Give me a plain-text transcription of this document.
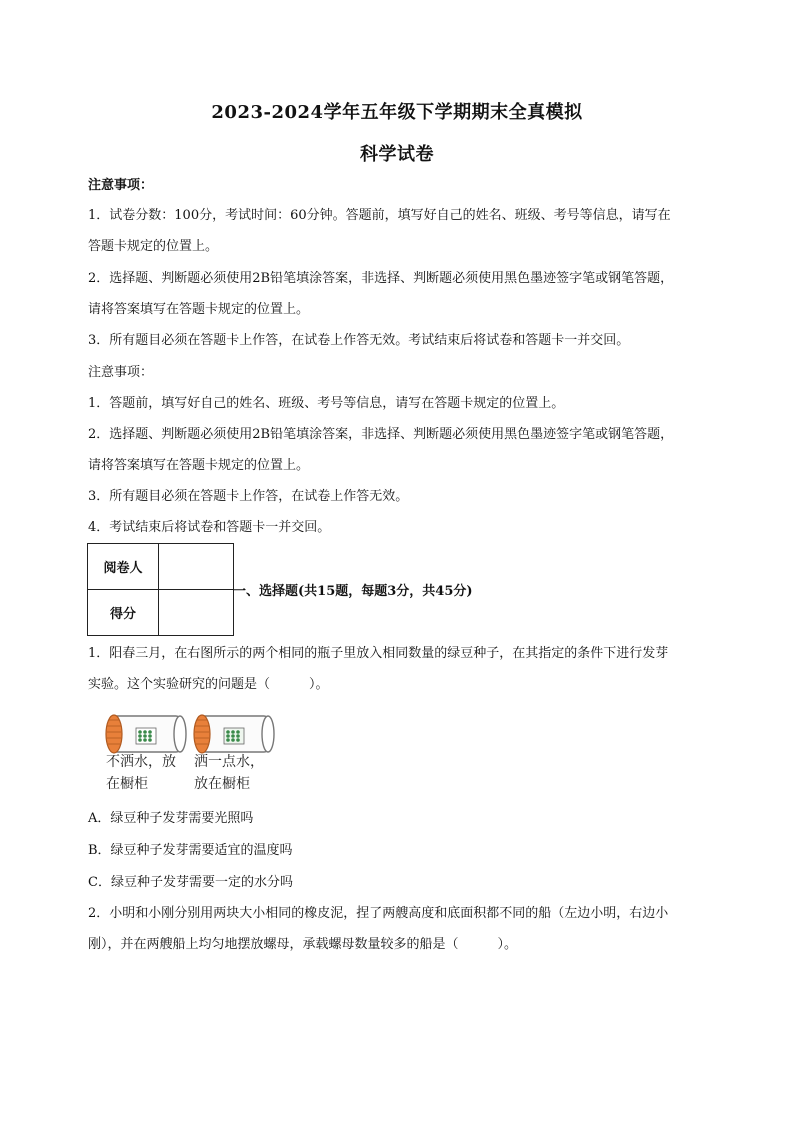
2023-2024学年五年级下学期期末全真模拟
科学试卷
注意事项：
1．试卷分数：100分，考试时间：60分钟。答题前，填写好自己的姓名、班级、考号等信息，请写在
答题卡规定的位置上。
2．选择题、判断题必须使用2B铅笔填涂答案，非选择、判断题必须使用黑色墨迹签字笔或钢笔答题，
请将答案填写在答题卡规定的位置上。
3．所有题目必须在答题卡上作答，在试卷上作答无效。考试结束后将试卷和答题卡一并交回。
注意事项：
1．答题前，填写好自己的姓名、班级、考号等信息，请写在答题卡规定的位置上。
2．选择题、判断题必须使用2B铅笔填涂答案，非选择、判断题必须使用黑色墨迹签字笔或钢笔答题，
请将答案填写在答题卡规定的位置上。
3．所有题目必须在答题卡上作答，在试卷上作答无效。
4．考试结束后将试卷和答题卡一并交回。
阅卷人	
得分	
一、选择题(共15题，每题3分，共45分)
1．阳春三月，在右图所示的两个相同的瓶子里放入相同数量的绿豆种子，在其指定的条件下进行发芽
实验。这个实验研究的问题是（　　　）。
不洒水，放
在橱柜
洒一点水，
放在橱柜
A．绿豆种子发芽需要光照吗
B．绿豆种子发芽需要适宜的温度吗
C．绿豆种子发芽需要一定的水分吗
2．小明和小刚分别用两块大小相同的橡皮泥，捏了两艘高度和底面积都不同的船（左边小明，右边小
刚），并在两艘船上均匀地摆放螺母，承载螺母数量较多的船是（　　　）。
